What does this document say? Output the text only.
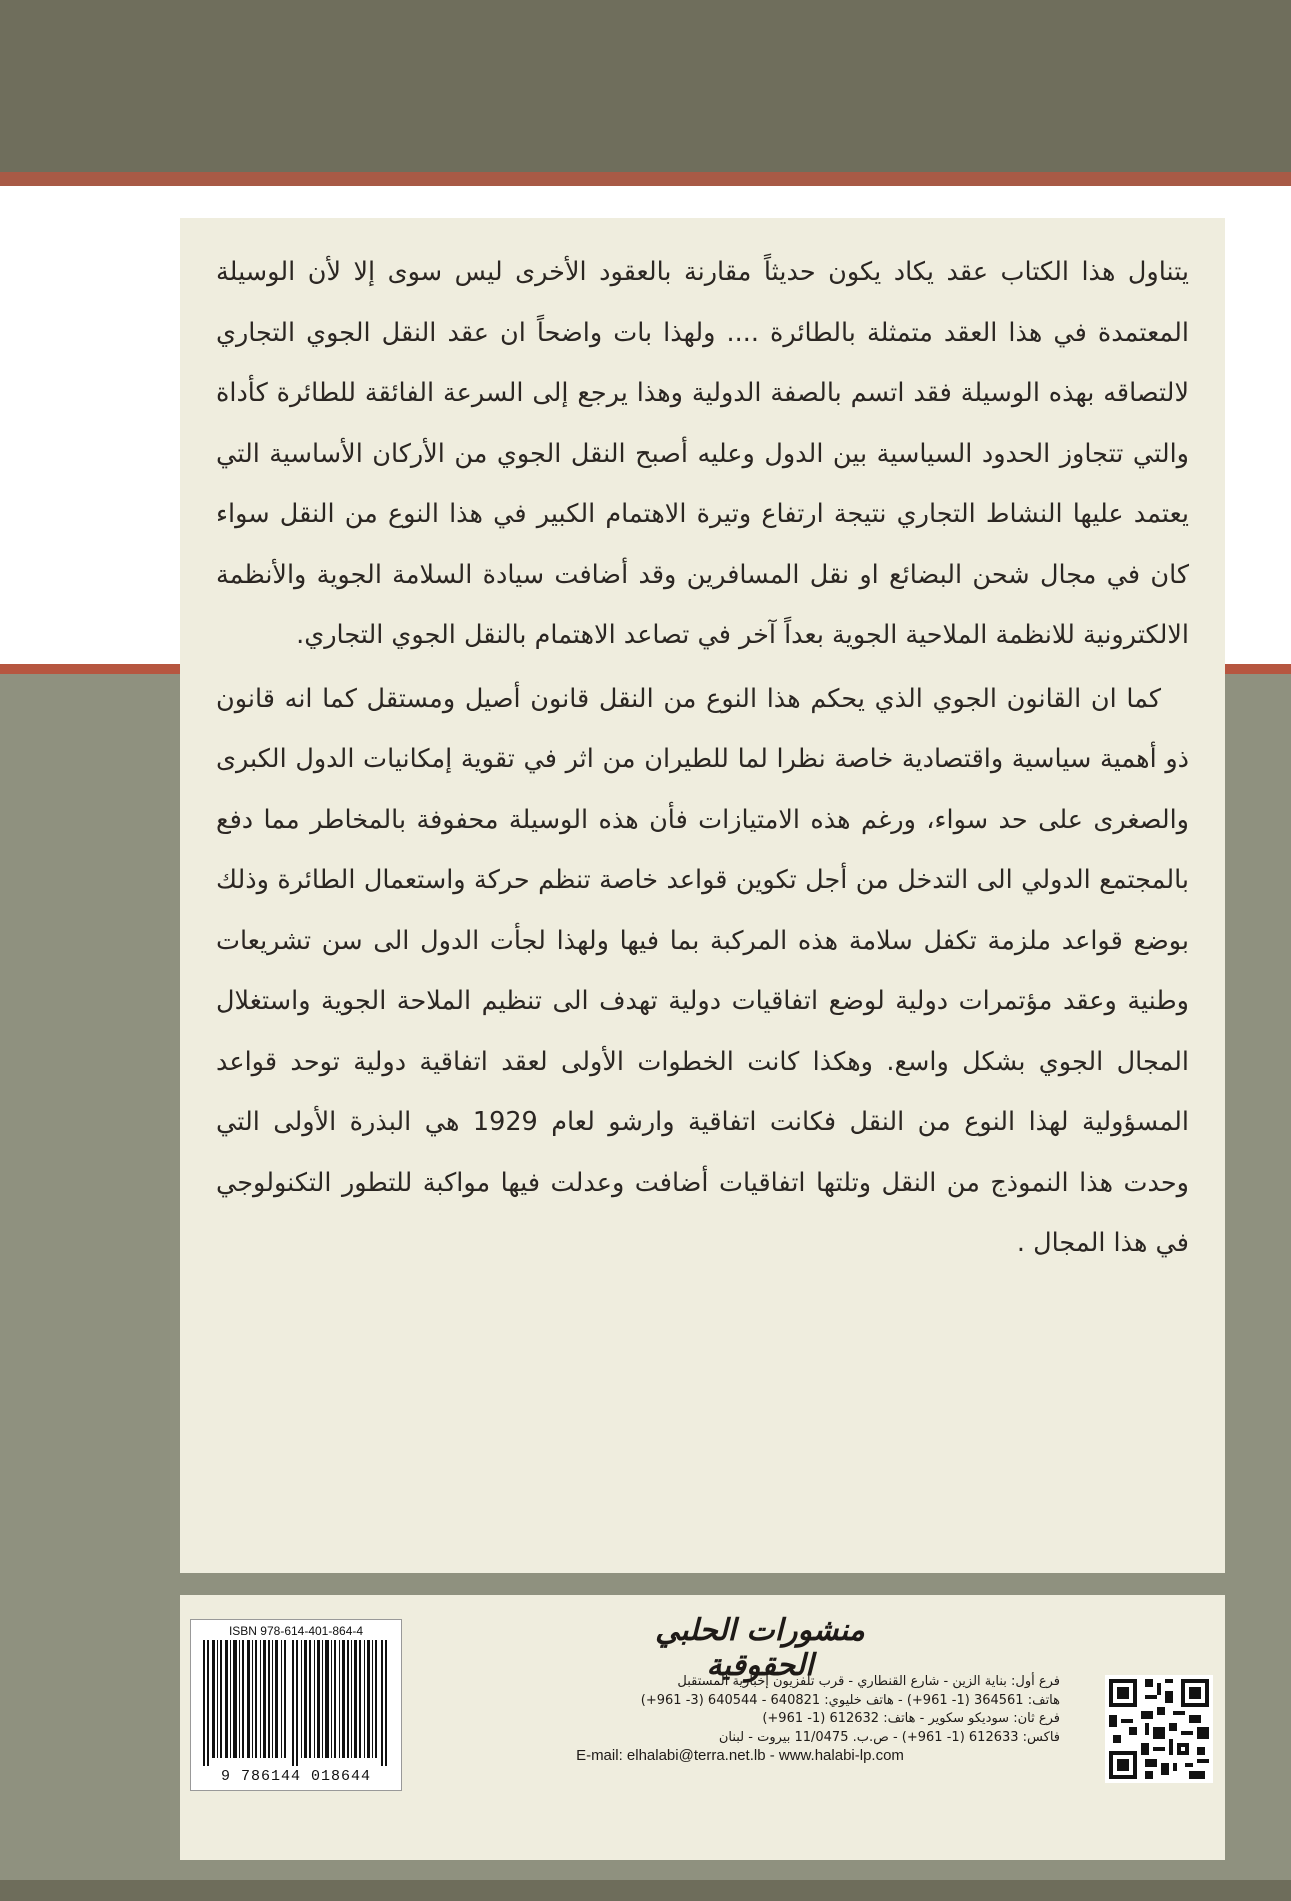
يتناول هذا الكتاب عقد يكاد يكون حديثاً مقارنة بالعقود الأخرى ليس سوى إلا لأن الوسيلة المعتمدة في هذا العقد متمثلة بالطائرة .... ولهذا بات واضحاً ان عقد النقل الجوي التجاري لالتصاقه بهذه الوسيلة فقد اتسم بالصفة الدولية وهذا يرجع إلى السرعة الفائقة للطائرة كأداة والتي تتجاوز الحدود السياسية بين الدول وعليه أصبح النقل الجوي من الأركان الأساسية التي يعتمد عليها النشاط التجاري نتيجة ارتفاع وتيرة الاهتمام الكبير في هذا النوع من النقل سواء كان في مجال شحن البضائع او نقل المسافرين وقد أضافت سيادة السلامة الجوية والأنظمة الالكترونية للانظمة الملاحية الجوية بعداً آخر في تصاعد الاهتمام بالنقل الجوي التجاري.

كما ان القانون الجوي الذي يحكم هذا النوع من النقل قانون أصيل ومستقل كما انه قانون ذو أهمية سياسية واقتصادية خاصة نظرا لما للطيران من اثر في تقوية إمكانيات الدول الكبرى والصغرى على حد سواء، ورغم هذه الامتيازات فأن هذه الوسيلة محفوفة بالمخاطر مما دفع بالمجتمع الدولي الى التدخل من أجل تكوين قواعد خاصة تنظم حركة واستعمال الطائرة وذلك بوضع قواعد ملزمة تكفل سلامة هذه المركبة بما فيها ولهذا لجأت الدول الى سن تشريعات وطنية وعقد مؤتمرات دولية لوضع اتفاقيات دولية تهدف الى تنظيم الملاحة الجوية واستغلال المجال الجوي بشكل واسع. وهكذا كانت الخطوات الأولى لعقد اتفاقية دولية توحد قواعد المسؤولية لهذا النوع من النقل فكانت اتفاقية وارشو لعام 1929 هي البذرة الأولى التي وحدت هذا النموذج من النقل وتلتها اتفاقيات أضافت وعدلت فيها مواكبة للتطور التكنولوجي في هذا المجال .

ISBN 978-614-401-864-4
9 786144 018644
منشورات الحلبي الحقوقية
فرع أول: بناية الزين - شارع القنطاري - قرب تلفزيون إخبارية المستقبل
هاتف: 364561 (1- 961+) - هاتف خليوي: 640821 - 640544 (3- 961+)
فرع ثان: سوديكو سكوير - هاتف: 612632 (1- 961+)
فاكس: 612633 (1- 961+) - ص.ب. 11/0475 بيروت - لبنان
E-mail: elhalabi@terra.net.lb - www.halabi-lp.com
